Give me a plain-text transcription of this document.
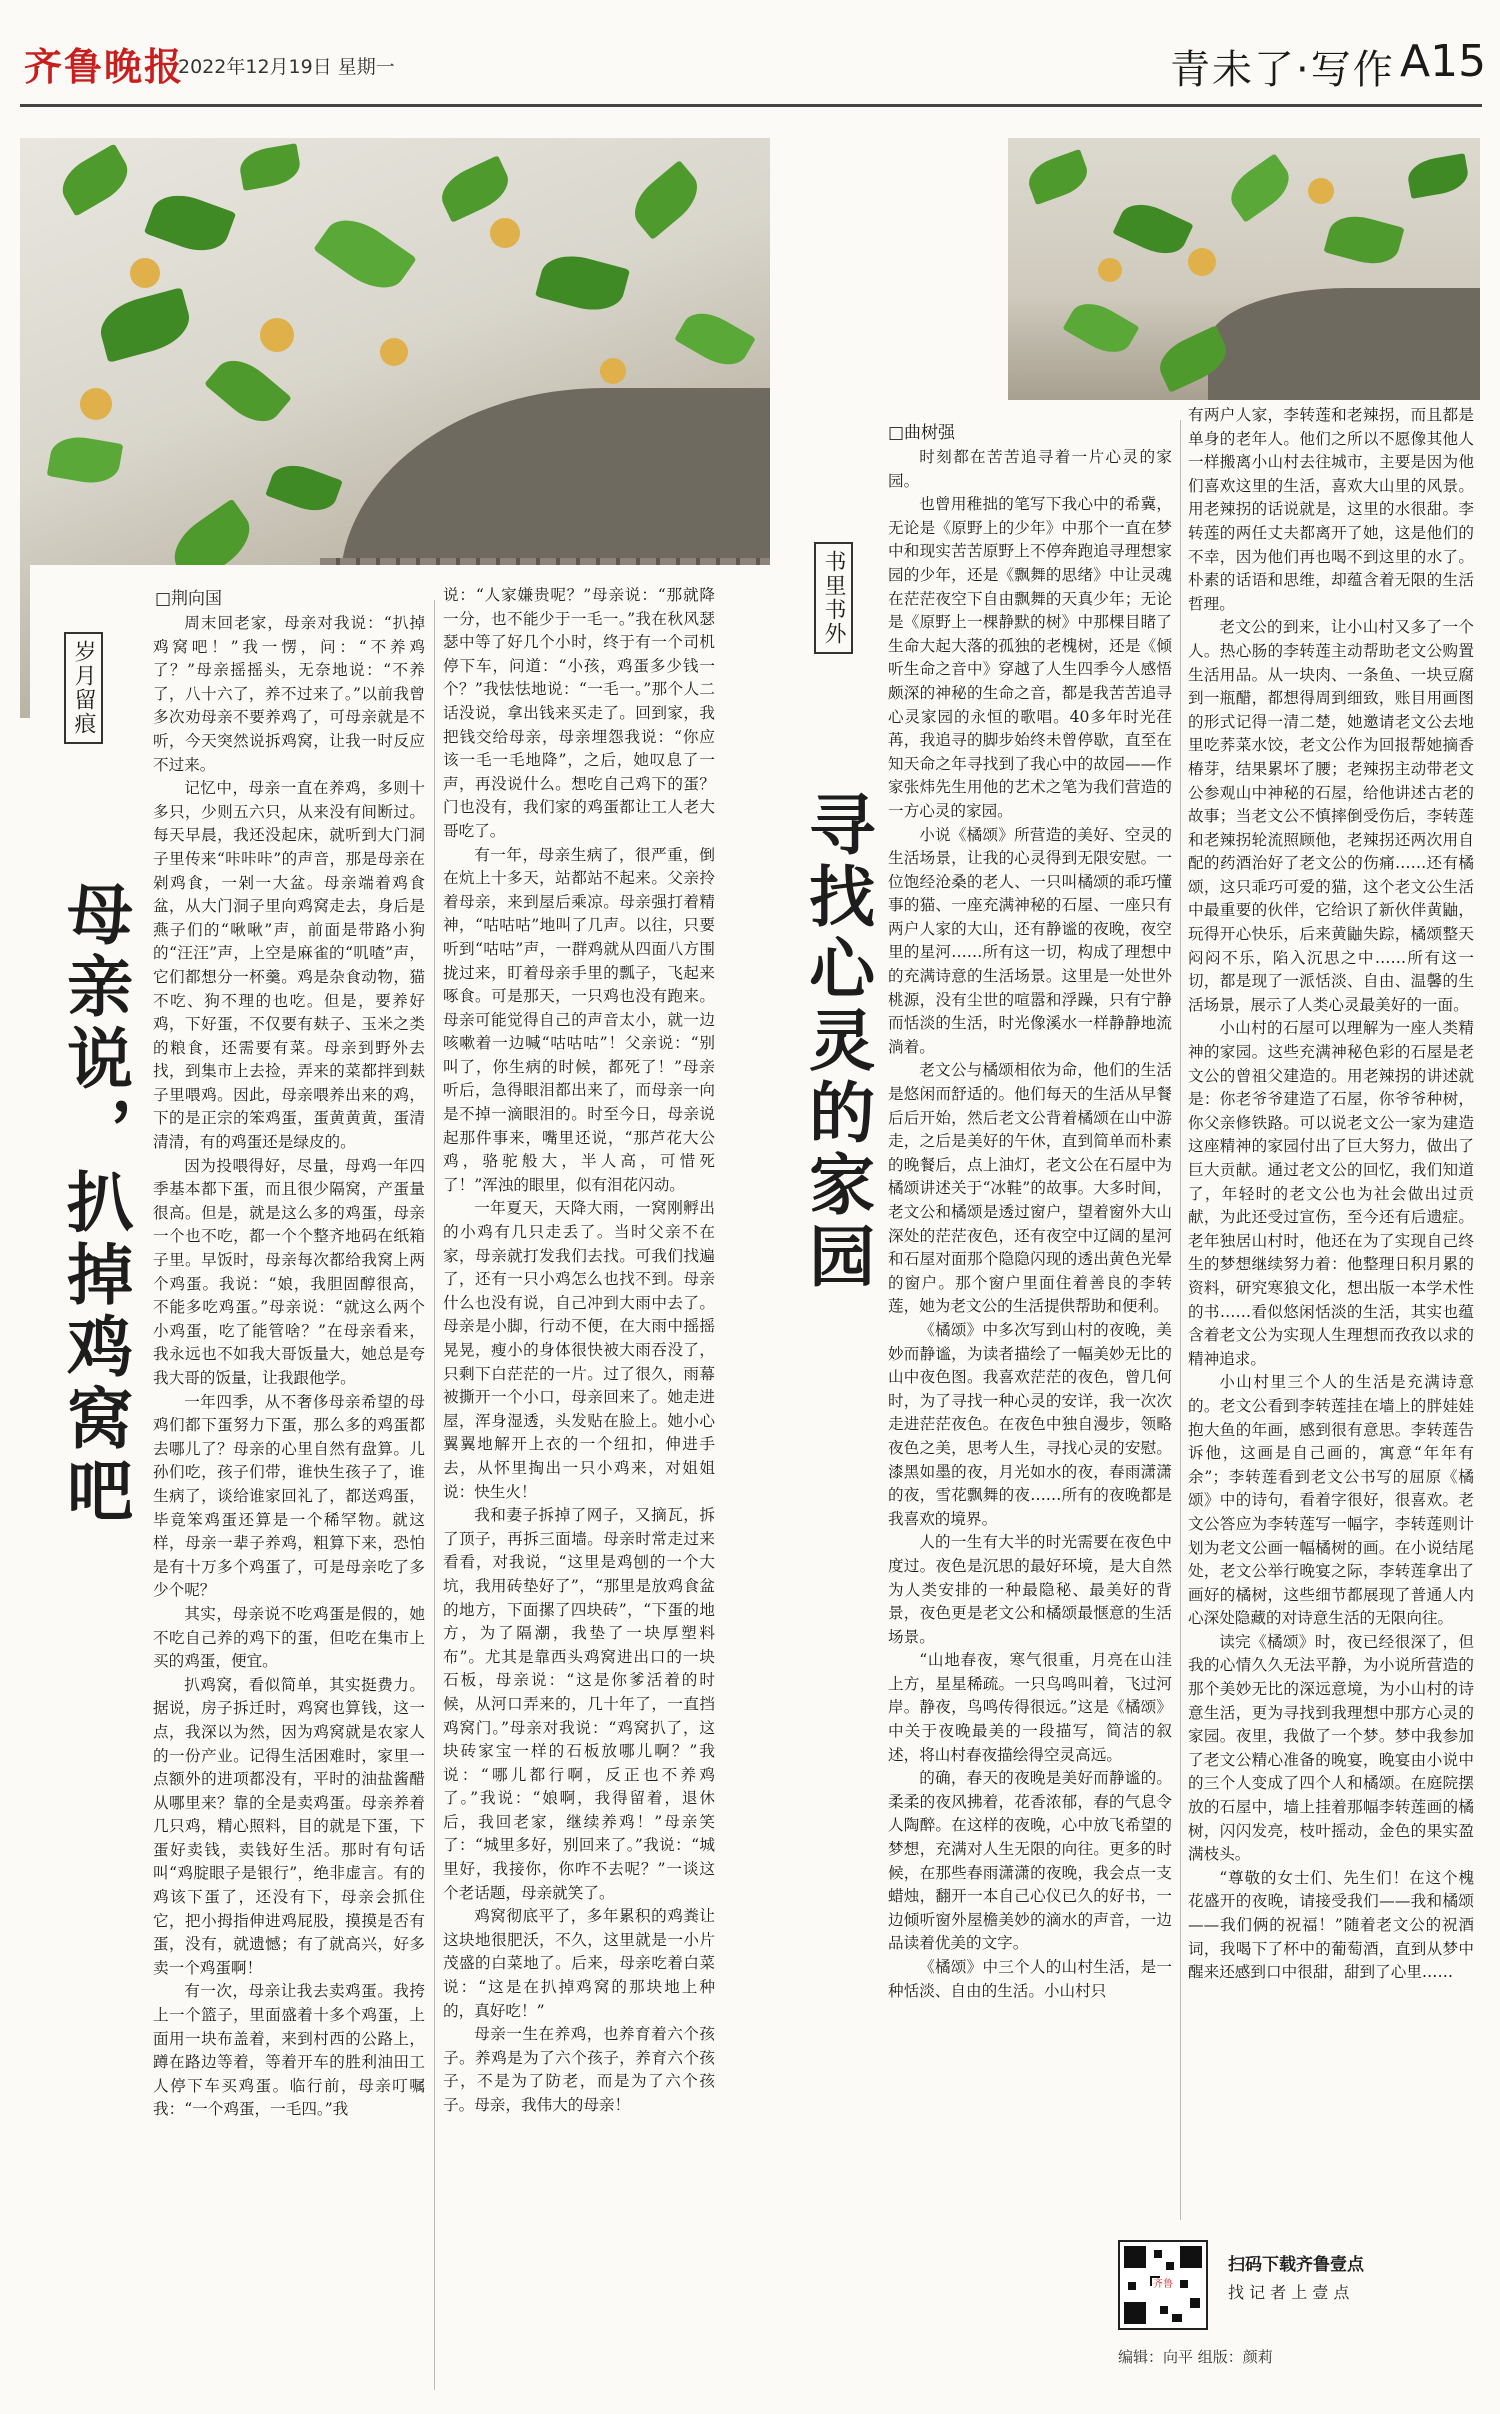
齐鲁晚报
2022年12月19日 星期一	青未了·写作 A15
岁月留痕
母亲说，扒掉鸡窝吧
□荆向国

周末回老家，母亲对我说：“扒掉鸡窝吧！”我一愣，问：“不养鸡了？”母亲摇摇头，无奈地说：“不养了，八十六了，养不过来了。”以前我曾多次劝母亲不要养鸡了，可母亲就是不听，今天突然说拆鸡窝，让我一时反应不过来。

记忆中，母亲一直在养鸡，多则十多只，少则五六只，从来没有间断过。每天早晨，我还没起床，就听到大门洞子里传来“咔咔咔”的声音，那是母亲在剁鸡食，一剁一大盆。母亲端着鸡食盆，从大门洞子里向鸡窝走去，身后是燕子们的“啾啾”声，前面是带路小狗的“汪汪”声，上空是麻雀的“叽喳”声，它们都想分一杯羹。鸡是杂食动物，猫不吃、狗不理的也吃。但是，要养好鸡，下好蛋，不仅要有麸子、玉米之类的粮食，还需要有菜。母亲到野外去找，到集市上去捡，弄来的菜都拌到麸子里喂鸡。因此，母亲喂养出来的鸡，下的是正宗的笨鸡蛋，蛋黄黄黄，蛋清清清，有的鸡蛋还是绿皮的。

因为投喂得好，尽量，母鸡一年四季基本都下蛋，而且很少隔窝，产蛋量很高。但是，就是这么多的鸡蛋，母亲一个也不吃，都一个个整齐地码在纸箱子里。早饭时，母亲每次都给我窝上两个鸡蛋。我说：“娘，我胆固醇很高，不能多吃鸡蛋。”母亲说：“就这么两个小鸡蛋，吃了能管啥？”在母亲看来，我永远也不如我大哥饭量大，她总是夸我大哥的饭量，让我跟他学。

一年四季，从不奢侈母亲希望的母鸡们都下蛋努力下蛋，那么多的鸡蛋都去哪儿了？母亲的心里自然有盘算。儿孙们吃，孩子们带，谁快生孩子了，谁生病了，谈给谁家回礼了，都送鸡蛋，毕竟笨鸡蛋还算是一个稀罕物。就这样，母亲一辈子养鸡，粗算下来，恐怕是有十万多个鸡蛋了，可是母亲吃了多少个呢？

其实，母亲说不吃鸡蛋是假的，她不吃自己养的鸡下的蛋，但吃在集市上买的鸡蛋，便宜。

扒鸡窝，看似简单，其实挺费力。据说，房子拆迁时，鸡窝也算钱，这一点，我深以为然，因为鸡窝就是农家人的一份产业。记得生活困难时，家里一点额外的进项都没有，平时的油盐酱醋从哪里来？靠的全是卖鸡蛋。母亲养着几只鸡，精心照料，目的就是下蛋，下蛋好卖钱，卖钱好生活。那时有句话叫“鸡腚眼子是银行”，绝非虚言。有的鸡该下蛋了，还没有下，母亲会抓住它，把小拇指伸进鸡屁股，摸摸是否有蛋，没有，就遗憾；有了就高兴，好多卖一个鸡蛋啊！

有一次，母亲让我去卖鸡蛋。我挎上一个篮子，里面盛着十多个鸡蛋，上面用一块布盖着，来到村西的公路上，蹲在路边等着，等着开车的胜利油田工人停下车买鸡蛋。临行前，母亲叮嘱我：“一个鸡蛋，一毛四。”我

说：“人家嫌贵呢？”母亲说：“那就降一分，也不能少于一毛一。”我在秋风瑟瑟中等了好几个小时，终于有一个司机停下车，问道：“小孩，鸡蛋多少钱一个？”我怯怯地说：“一毛一。”那个人二话没说，拿出钱来买走了。回到家，我把钱交给母亲，母亲埋怨我说：“你应该一毛一毛地降”，之后，她叹息了一声，再没说什么。想吃自己鸡下的蛋？门也没有，我们家的鸡蛋都让工人老大哥吃了。

有一年，母亲生病了，很严重，倒在炕上十多天，站都站不起来。父亲拎着母亲，来到屋后乘凉。母亲强打着精神，“咕咕咕”地叫了几声。以往，只要听到“咕咕”声，一群鸡就从四面八方围拢过来，盯着母亲手里的瓢子，飞起来啄食。可是那天，一只鸡也没有跑来。母亲可能觉得自己的声音太小，就一边咳嗽着一边喊“咕咕咕”！父亲说：“别叫了，你生病的时候，都死了！”母亲听后，急得眼泪都出来了，而母亲一向是不掉一滴眼泪的。时至今日，母亲说起那件事来，嘴里还说，“那芦花大公鸡，骆驼般大，半人高，可惜死了！”浑浊的眼里，似有泪花闪动。

一年夏天，天降大雨，一窝刚孵出的小鸡有几只走丢了。当时父亲不在家，母亲就打发我们去找。可我们找遍了，还有一只小鸡怎么也找不到。母亲什么也没有说，自己冲到大雨中去了。母亲是小脚，行动不便，在大雨中摇摇晃晃，瘦小的身体很快被大雨吞没了，只剩下白茫茫的一片。过了很久，雨幕被撕开一个小口，母亲回来了。她走进屋，浑身湿透，头发贴在脸上。她小心翼翼地解开上衣的一个纽扣，伸进手去，从怀里掏出一只小鸡来，对姐姐说：快生火！

我和妻子拆掉了网子，又摘瓦，拆了顶子，再拆三面墙。母亲时常走过来看看，对我说，“这里是鸡刨的一个大坑，我用砖垫好了”，“那里是放鸡食盆的地方，下面摞了四块砖”，“下蛋的地方，为了隔潮，我垫了一块厚塑料布”。尤其是靠西头鸡窝进出口的一块石板，母亲说：“这是你爹活着的时候，从河口弄来的，几十年了，一直挡鸡窝门。”母亲对我说：“鸡窝扒了，这块砖家宝一样的石板放哪儿啊？”我说：“哪儿都行啊，反正也不养鸡了。”我说：“娘啊，我得留着，退休后，我回老家，继续养鸡！”母亲笑了：“城里多好，别回来了。”我说：“城里好，我接你，你咋不去呢？”一谈这个老话题，母亲就笑了。

鸡窝彻底平了，多年累积的鸡粪让这块地很肥沃，不久，这里就是一小片茂盛的白菜地了。后来，母亲吃着白菜说：“这是在扒掉鸡窝的那块地上种的，真好吃！”

母亲一生在养鸡，也养育着六个孩子。养鸡是为了六个孩子，养育六个孩子，不是为了防老，而是为了六个孩子。母亲，我伟大的母亲！

书里书外
寻找心灵的家园
□曲树强

时刻都在苦苦追寻着一片心灵的家园。

也曾用稚拙的笔写下我心中的希冀，无论是《原野上的少年》中那个一直在梦中和现实苦苦原野上不停奔跑追寻理想家园的少年，还是《飘舞的思绪》中让灵魂在茫茫夜空下自由飘舞的天真少年；无论是《原野上一棵静默的树》中那棵目睹了生命大起大落的孤独的老槐树，还是《倾听生命之音中》穿越了人生四季今人感悟颇深的神秘的生命之音，都是我苦苦追寻心灵家园的永恒的歌唱。40多年时光荏苒，我追寻的脚步始终未曾停歇，直至在知天命之年寻找到了我心中的故园——作家张炜先生用他的艺术之笔为我们营造的一方心灵的家园。

小说《橘颂》所营造的美好、空灵的生活场景，让我的心灵得到无限安慰。一位饱经沧桑的老人、一只叫橘颂的乖巧懂事的猫、一座充满神秘的石屋、一座只有两户人家的大山，还有静谧的夜晚，夜空里的星河……所有这一切，构成了理想中的充满诗意的生活场景。这里是一处世外桃源，没有尘世的喧嚣和浮躁，只有宁静而恬淡的生活，时光像溪水一样静静地流淌着。

老文公与橘颂相依为命，他们的生活是悠闲而舒适的。他们每天的生活从早餐后后开始，然后老文公背着橘颂在山中游走，之后是美好的午休，直到简单而朴素的晚餐后，点上油灯，老文公在石屋中为橘颂讲述关于“冰鞋”的故事。大多时间，老文公和橘颂是透过窗户，望着窗外大山深处的茫茫夜色，还有夜空中辽阔的星河和石屋对面那个隐隐闪现的透出黄色光晕的窗户。那个窗户里面住着善良的李转莲，她为老文公的生活提供帮助和便利。

《橘颂》中多次写到山村的夜晚，美妙而静谧，为读者描绘了一幅美妙无比的山中夜色图。我喜欢茫茫的夜色，曾几何时，为了寻找一种心灵的安详，我一次次走进茫茫夜色。在夜色中独自漫步，领略夜色之美，思考人生，寻找心灵的安慰。漆黑如墨的夜，月光如水的夜，春雨潇潇的夜，雪花飘舞的夜……所有的夜晚都是我喜欢的境界。

人的一生有大半的时光需要在夜色中度过。夜色是沉思的最好环境，是大自然为人类安排的一种最隐秘、最美好的背景，夜色更是老文公和橘颂最惬意的生活场景。

“山地春夜，寒气很重，月亮在山洼上方，星星稀疏。一只鸟鸣叫着，飞过河岸。静夜，鸟鸣传得很远。”这是《橘颂》中关于夜晚最美的一段描写，简洁的叙述，将山村春夜描绘得空灵高远。

的确，春天的夜晚是美好而静谧的。柔柔的夜风拂着，花香浓郁，春的气息令人陶醉。在这样的夜晚，心中放飞希望的梦想，充满对人生无限的向往。更多的时候，在那些春雨潇潇的夜晚，我会点一支蜡烛，翻开一本自己心仪已久的好书，一边倾听窗外屋檐美妙的滴水的声音，一边品读着优美的文字。

《橘颂》中三个人的山村生活，是一种恬淡、自由的生活。小山村只

有两户人家，李转莲和老辣拐，而且都是单身的老年人。他们之所以不愿像其他人一样搬离小山村去往城市，主要是因为他们喜欢这里的生活，喜欢大山里的风景。用老辣拐的话说就是，这里的水很甜。李转莲的两任丈夫都离开了她，这是他们的不幸，因为他们再也喝不到这里的水了。朴素的话语和思维，却蕴含着无限的生活哲理。

老文公的到来，让小山村又多了一个人。热心肠的李转莲主动帮助老文公购置生活用品。从一块肉、一条鱼、一块豆腐到一瓶醋，都想得周到细致，账目用画图的形式记得一清二楚，她邀请老文公去地里吃荞菜水饺，老文公作为回报帮她摘香椿芽，结果累坏了腰；老辣拐主动带老文公参观山中神秘的石屋，给他讲述古老的故事；当老文公不慎摔倒受伤后，李转莲和老辣拐轮流照顾他，老辣拐还两次用自配的药酒治好了老文公的伤痛……还有橘颂，这只乖巧可爱的猫，这个老文公生活中最重要的伙伴，它给识了新伙伴黄鼬，玩得开心快乐，后来黄鼬失踪，橘颂整天闷闷不乐，陷入沉思之中……所有这一切，都是现了一派恬淡、自由、温馨的生活场景，展示了人类心灵最美好的一面。

小山村的石屋可以理解为一座人类精神的家园。这些充满神秘色彩的石屋是老文公的曾祖父建造的。用老辣拐的讲述就是：你老爷爷建造了石屋，你爷爷种树，你父亲修铁路。可以说老文公一家为建造这座精神的家园付出了巨大努力，做出了巨大贡献。通过老文公的回忆，我们知道了，年轻时的老文公也为社会做出过贡献，为此还受过宣伤，至今还有后遗症。老年独居山村时，他还在为了实现自己终生的梦想继续努力着：他整理日积月累的资料，研究寒狼文化，想出版一本学术性的书……看似悠闲恬淡的生活，其实也蕴含着老文公为实现人生理想而孜孜以求的精神追求。

小山村里三个人的生活是充满诗意的。老文公看到李转莲挂在墙上的胖娃娃抱大鱼的年画，感到很有意思。李转莲告诉他，这画是自己画的，寓意“年年有余”；李转莲看到老文公书写的屈原《橘颂》中的诗句，看着字很好，很喜欢。老文公答应为李转莲写一幅字，李转莲则计划为老文公画一幅橘树的画。在小说结尾处，老文公举行晚宴之际，李转莲拿出了画好的橘树，这些细节都展现了普通人内心深处隐藏的对诗意生活的无限向往。

读完《橘颂》时，夜已经很深了，但我的心情久久无法平静，为小说所营造的那个美妙无比的深远意境，为小山村的诗意生活，更为寻找到我理想中那方心灵的家园。夜里，我做了一个梦。梦中我参加了老文公精心准备的晚宴，晚宴由小说中的三个人变成了四个人和橘颂。在庭院摆放的石屋中，墙上挂着那幅李转莲画的橘树，闪闪发亮，枝叶摇动，金色的果实盈满枝头。

“尊敬的女士们、先生们！在这个槐花盛开的夜晚，请接受我们——我和橘颂——我们俩的祝福！”随着老文公的祝酒词，我喝下了杯中的葡萄酒，直到从梦中醒来还感到口中很甜，甜到了心里……

齐鲁
扫码下载齐鲁壹点
找 记 者 上 壹 点
编辑：向平 组版：颜莉
